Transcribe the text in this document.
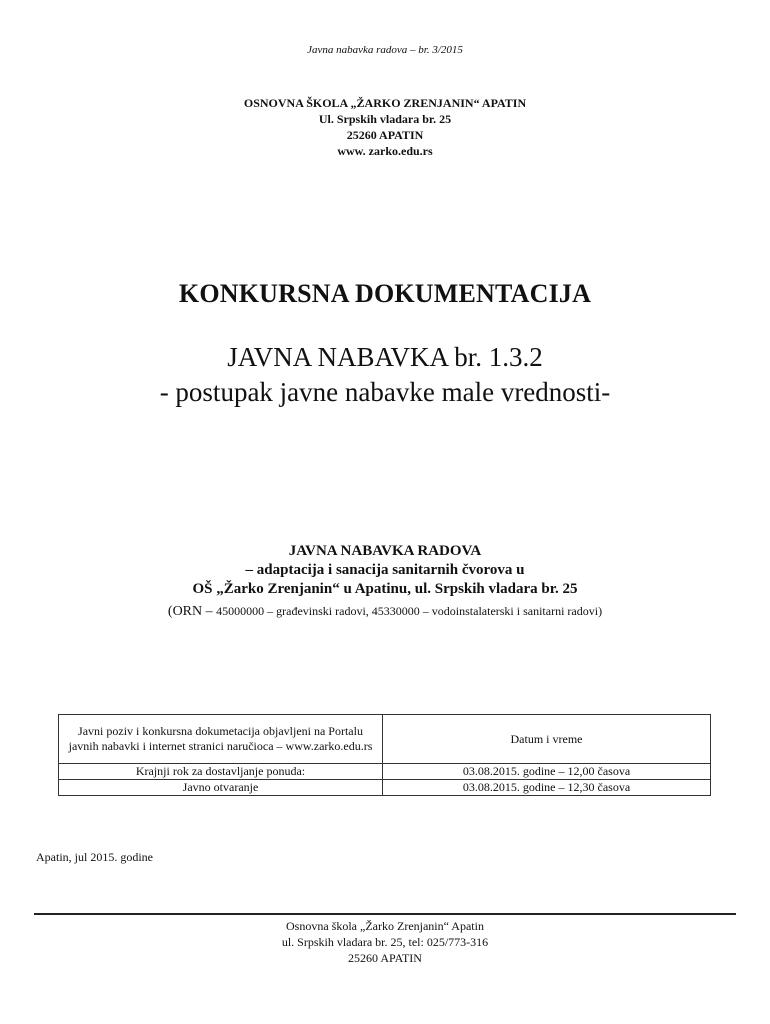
Javna nabavka radova – br. 3/2015
OSNOVNA ŠKOLA „ŽARKO ZRENJANIN“ APATIN
Ul. Srpskih vladara br. 25
25260 APATIN
www. zarko.edu.rs
KONKURSNA DOKUMENTACIJA
JAVNA NABAVKA br. 1.3.2
- postupak javne nabavke male vrednosti-
JAVNA NABAVKA RADOVA
– adaptacija i sanacija sanitarnih čvorova u
OŠ „Žarko Zrenjanin“ u Apatinu, ul. Srpskih vladara br. 25
(ORN – 45000000 – građevinski radovi, 45330000 – vodoinstalaterski i sanitarni radovi)
Javni poziv i konkursna dokumetacija objavljeni na Portalu javnih nabavki i internet stranici naručioca – www.zarko.edu.rs	Datum i vreme
Krajnji rok za dostavljanje ponuda:	03.08.2015. godine – 12,00 časova
Javno otvaranje	03.08.2015. godine – 12,30 časova
Apatin, jul 2015. godine
Osnovna škola „Žarko Zrenjanin“ Apatin
ul. Srpskih vladara br. 25, tel: 025/773-316
25260 APATIN
